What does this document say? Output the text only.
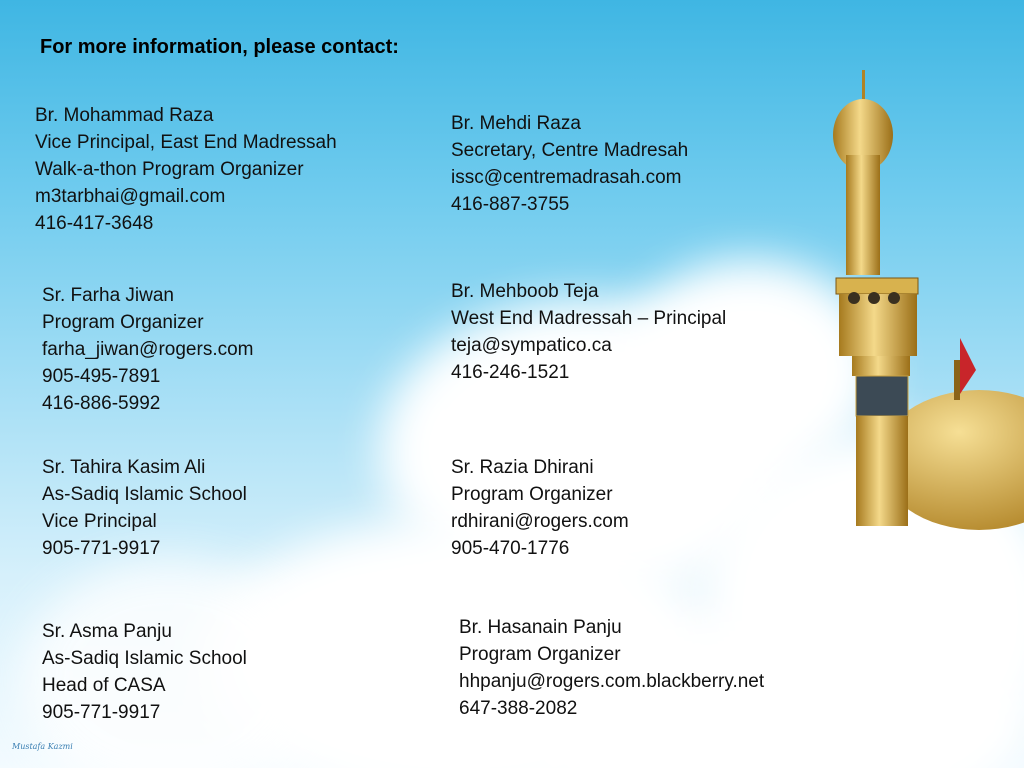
For more information, please contact:
Br. Mohammad Raza
Vice Principal, East End Madressah
Walk-a-thon Program Organizer
m3tarbhai@gmail.com
416-417-3648
Br. Mehdi Raza
Secretary, Centre Madresah
issc@centremadrasah.com
416-887-3755
Sr. Farha Jiwan
Program Organizer
farha_jiwan@rogers.com
905-495-7891
416-886-5992
Br. Mehboob Teja
West End Madressah – Principal
teja@sympatico.ca
416-246-1521
Sr. Tahira Kasim Ali
As-Sadiq Islamic School
Vice Principal
905-771-9917
Sr. Razia Dhirani
Program Organizer
rdhirani@rogers.com
905-470-1776
Sr. Asma Panju
As-Sadiq Islamic School
Head of CASA
905-771-9917
Br. Hasanain Panju
Program Organizer
hhpanju@rogers.com.blackberry.net
647-388-2082
Mustafa Kazmi
